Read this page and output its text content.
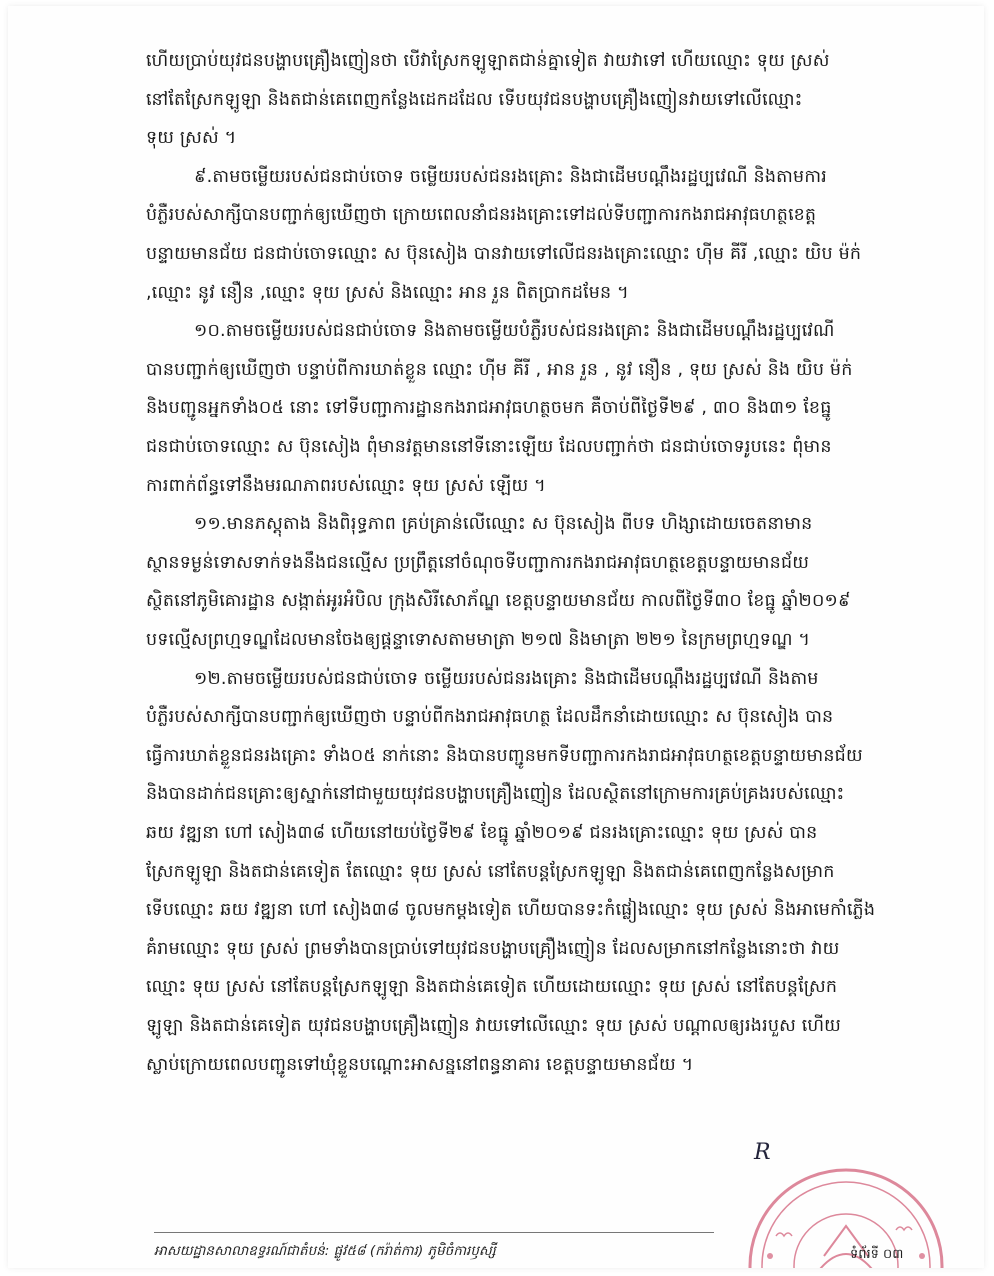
ហើយប្រាប់យុវជនបង្ហាបគ្រឿងញៀនថា បើវាស្រែកឡូឡាតជាន់គ្នាទៀត វាយវាទៅ ហើយឈ្មោះ ទុយ ស្រស់
នៅតែស្រែកឡូឡា និងតជាន់គេពេញកន្លែងដេកដដែល ទើបយុវជនបង្ហាបគ្រឿងញៀនវាយទៅលើឈ្មោះ
ទុយ ស្រស់ ។
៩.តាមចម្លើយរបស់ជនជាប់ចោទ ចម្លើយរបស់ជនរងគ្រោះ និងជាដើមបណ្តឹងរដ្ឋប្បវេណី និងតាមការ
បំភ្លឺរបស់សាក្សីបានបញ្ជាក់ឲ្យឃើញថា ក្រោយពេលនាំជនរងគ្រោះទៅដល់ទីបញ្ជាការកងរាជអាវុធហត្ថខេត្ត
បន្ទាយមានជ័យ ជនជាប់ចោទឈ្មោះ ស ប៊ុនសៀង បានវាយទៅលើជនរងគ្រោះឈ្មោះ ហ៊ីម គីរី ,ឈ្មោះ យិប ម៉ក់
,ឈ្មោះ នូវ នឿន ,ឈ្មោះ ទុយ ស្រស់ និងឈ្មោះ អាន រួន ពិតប្រាកដមែន ។
១០.តាមចម្លើយរបស់ជនជាប់ចោទ និងតាមចម្លើយបំភ្លឺរបស់ជនរងគ្រោះ និងជាដើមបណ្តឹងរដ្ឋប្បវេណី
បានបញ្ជាក់ឲ្យឃើញថា បន្ទាប់ពីការឃាត់ខ្លួន ឈ្មោះ ហ៊ីម គីរី , អាន រួន , នូវ នឿន , ទុយ ស្រស់ និង យិប ម៉ក់
និងបញ្ជូនអ្នកទាំង០៥ នោះ ទៅទីបញ្ជាការដ្ឋានកងរាជអាវុធហត្ថចមក គឺចាប់ពីថ្ងៃទី២៩ , ៣០ និង៣១ ខែធ្នូ
ជនជាប់ចោទឈ្មោះ ស ប៊ុនសៀង ពុំមានវត្តមាននៅទីនោះឡើយ ដែលបញ្ជាក់ថា ជនជាប់ចោទរូបនេះ ពុំមាន
ការពាក់ព័ន្ធទៅនឹងមរណភាពរបស់ឈ្មោះ ទុយ ស្រស់ ឡើយ ។
១១.មានភស្តុតាង និងពិរុទ្ធភាព គ្រប់គ្រាន់លើឈ្មោះ ស ប៊ុនសៀង ពីបទ ហិង្សាដោយចេតនាមាន
ស្ថានទម្ងន់ទោសទាក់ទងនឹងជនល្មើស ប្រព្រឹត្តនៅចំណុចទីបញ្ជាការកងរាជអាវុធហត្ថខេត្តបន្ទាយមានជ័យ
ស្ថិតនៅភូមិគោរដ្ឋាន សង្កាត់អូរអំបិល ក្រុងសិរីសោភ័ណ្ឌ ខេត្តបន្ទាយមានជ័យ កាលពីថ្ងៃទី៣០ ខែធ្នូ ឆ្នាំ២០១៩
បទល្មើសព្រហ្មទណ្ឌដែលមានចែងឲ្យផ្តន្ទាទោសតាមមាត្រា ២១៧ និងមាត្រា ២២១ នៃក្រមព្រហ្មទណ្ឌ ។
១២.តាមចម្លើយរបស់ជនជាប់ចោទ ចម្លើយរបស់ជនរងគ្រោះ និងជាដើមបណ្តឹងរដ្ឋប្បវេណី និងតាម
បំភ្លឺរបស់សាក្សីបានបញ្ជាក់ឲ្យឃើញថា បន្ទាប់ពីកងរាជអាវុធហត្ថ ដែលដឹកនាំដោយឈ្មោះ ស ប៊ុនសៀង បាន
ធ្វើការឃាត់ខ្លួនជនរងគ្រោះ ទាំង០៥ នាក់នោះ និងបានបញ្ជូនមកទីបញ្ជាការកងរាជអាវុធហត្ថខេត្តបន្ទាយមានជ័យ
និងបានដាក់ជនគ្រោះឲ្យស្នាក់នៅជាមួយយុវជនបង្ហាបគ្រឿងញៀន ដែលស្ថិតនៅក្រោមការគ្រប់គ្រងរបស់ឈ្មោះ
ឆយ វឌ្ឍនា ហៅ សៀង៣៨ ហើយនៅយប់ថ្ងៃទី២៩ ខែធ្នូ ឆ្នាំ២០១៩ ជនរងគ្រោះឈ្មោះ ទុយ ស្រស់ បាន
ស្រែកឡូឡា និងតជាន់គេទៀត តែឈ្មោះ ទុយ ស្រស់ នៅតែបន្តស្រែកឡូឡា និងតជាន់គេពេញកន្លែងសម្រាក
ទើបឈ្មោះ ឆយ វឌ្ឍនា ហៅ សៀង៣៨ ចូលមកម្តងទៀត ហើយបានទះកំផ្លៀងឈ្មោះ ទុយ ស្រស់ និងអាមេកាំភ្លើង
គំរាមឈ្មោះ ទុយ ស្រស់ ព្រមទាំងបានប្រាប់ទៅយុវជនបង្ហាបគ្រឿងញៀន ដែលសម្រាកនៅកន្លែងនោះថា វាយ
ឈ្មោះ ទុយ ស្រស់ នៅតែបន្តស្រែកឡូឡា និងតជាន់គេទៀត ហើយដោយឈ្មោះ ទុយ ស្រស់ នៅតែបន្តស្រែក
ឡូឡា និងតជាន់គេទៀត យុវជនបង្ហាបគ្រឿងញៀន វាយទៅលើឈ្មោះ ទុយ ស្រស់ បណ្តាលឲ្យរងរបួស ហើយ
ស្លាប់ក្រោយពេលបញ្ជូនទៅឃុំខ្លួនបណ្តោះអាសន្ននៅពន្ធនាគារ ខេត្តបន្ទាយមានជ័យ ។
R
អាសយដ្ឋានសាលាឧទ្ធរណ៍ជាតំបន់: ផ្លូវ៥៨ (ករ៉ាត់ការ) ភូមិចំការឫស្សី	ទំព័រទី ០៣
